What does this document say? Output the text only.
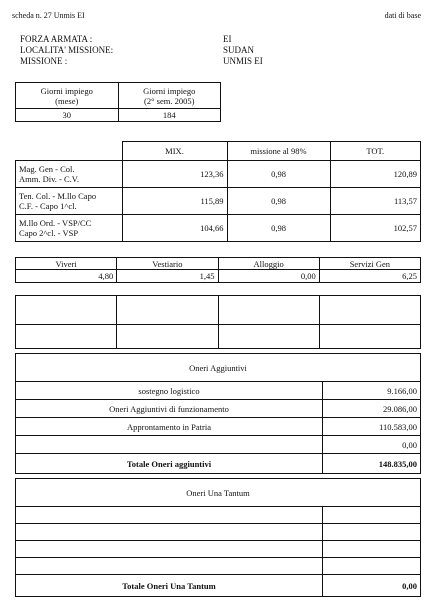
scheda n. 27 Unmis EI	dati di base
FORZA ARMATA :	EI
LOCALITA' MISSIONE:	SUDAN
MISSIONE :	UNMIS EI
Giorni impiego
(mese)	Giorni impiego
(2° sem. 2005)
30	184
	MIX.	missione al 98%	TOT.
Mag. Gen - Col.
Amm. Div. - C.V.	123,36	0,98	120,89
Ten. Col. - M.llo Capo
C.F. - Capo 1^cl.	115,89	0,98	113,57
M.llo Ord. - VSP/CC
Capo 2^cl. - VSP	104,66	0,98	102,57
Viveri	Vestiario	Alloggio	Servizi Gen
4,80	1,45	0,00	6,25

Oneri Aggiuntivi	
sostegno logistico	9.166,00
Oneri Aggiuntivi di funzionamento	29.086,00
Approntamento in Patria	110.583,00
	0,00
Totale Oneri aggiuntivi	148.835,00
Oneri Una Tantum	

Totale Oneri Una Tantum	0,00
